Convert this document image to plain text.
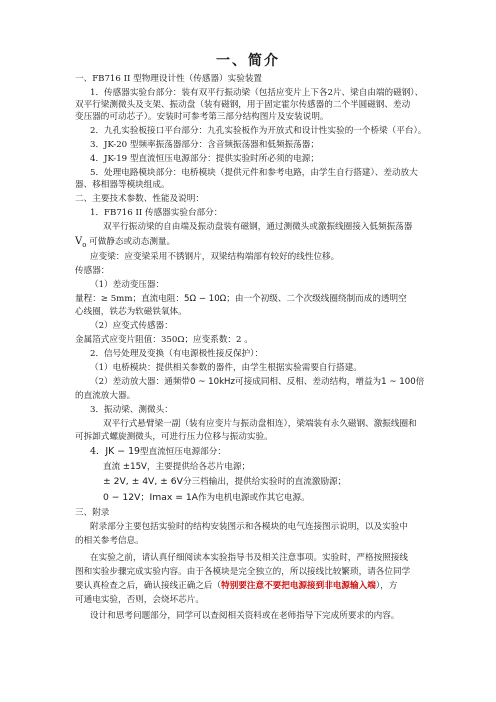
一、简介
一、FB716 II 型物理设计性（传感器）实验装置
1．传感器实验台部分：装有双平行振动梁（包括应变片上下各2片、梁自由端的磁钢）、
双平行梁测微头及支架、振动盘（装有磁钢，用于固定霍尔传感器的二个半圆磁钢、差动
变压器的可动芯子）。安装时可参考第三部分结构图片及安装说明。
2．九孔实验板接口平台部分：九孔实验板作为开放式和设计性实验的一个桥梁（平台）。
3．JK-20 型频率振荡器部分：含音频振荡器和低频振荡器；
4．JK-19 型直流恒压电源部分：提供实验时所必须的电源；
5．处理电路模块部分：电桥模块（提供元件和参考电路，由学生自行搭建）、差动放大
器、移相器等模块组成。
二、主要技术参数、性能及说明：
1．FB716 II 传感器实验台部分：
双平行振动梁的自由端及振动盘装有磁钢，通过测微头或激振线圈接入低频振荡器
$V_o$ 可做静态或动态测量。
应变梁：应变梁采用不锈钢片，双梁结构端部有较好的线性位移。
传感器：
（1）差动变压器：
量程：≥ 5mm；直流电阻：5Ω − 10Ω；由一个初级、二个次级线圈绕制而成的透明空
心线圈，铁芯为软磁铁氧体。
（2）应变式传感器：
金属箔式应变片阻值：350Ω；应变系数：2 。
2．信号处理及变换（有电源极性接反保护）：
（1）电桥模块：提供相关参数的器件，由学生根据实验需要自行搭建。
（2）差动放大器：通频带0 ~ 10kHz可接成同相、反相、差动结构，增益为1 ~ 100倍
的直流放大器。
3．振动梁、测微头：
双平行式悬臂梁一副（装有应变片与振动盘相连），梁端装有永久磁钢、激振线圈和
可拆卸式螺旋测微头，可进行压力位移与振动实验。
4．JK − 19型直流恒压电源部分：
直流 ±15V，主要提供给各芯片电源；
± 2V, ± 4V, ± 6V分三档输出，提供给实验时的直流激励源；
0 − 12V；Imax = 1A作为电机电源或作其它电源。
三、附录
附录部分主要包括实验时的结构安装图示和各模块的电气连接图示说明，以及实验中
的相关参考信息。
在实验之前，请认真仔细阅读本实验指导书及相关注意事项。实验时，严格按照接线
图和实验步骤完成实验内容。由于各模块是完全独立的，所以接线比较繁琐，请各位同学
要认真检查之后，确认接线正确之后（特别要注意不要把电源接到非电源输入端），方
可通电实验，否则，会烧坏芯片。
设计和思考问题部分，同学可以查阅相关资料或在老师指导下完成所要求的内容。
